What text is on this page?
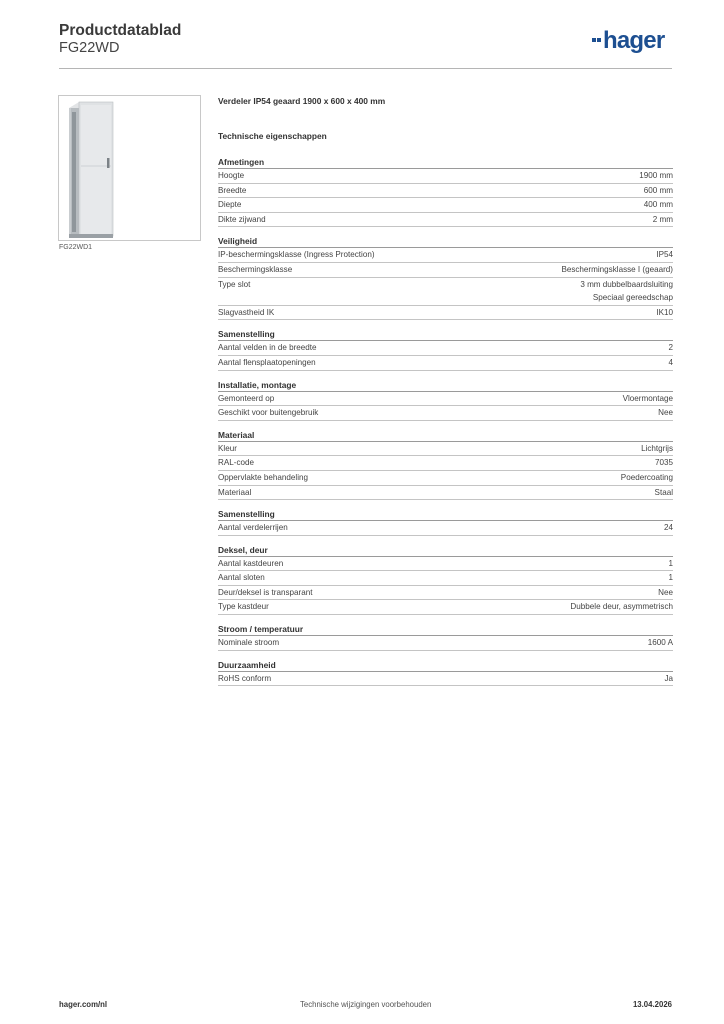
Productdatablad
FG22WD	hager
FG22WD1
Verdeler IP54 geaard 1900 x 600 x 400 mm
Technische eigenschappen
Afmetingen
Hoogte	1900 mm
Breedte	600 mm
Diepte	400 mm
Dikte zijwand	2 mm
Veiligheid
IP-beschermingsklasse (Ingress Protection)	IP54
Beschermingsklasse	Beschermingsklasse I (geaard)
Type slot	3 mm dubbelbaardsluiting
Speciaal gereedschap
Slagvastheid IK	IK10
Samenstelling
Aantal velden in de breedte	2
Aantal flensplaatopeningen	4
Installatie, montage
Gemonteerd op	Vloermontage
Geschikt voor buitengebruik	Nee
Materiaal
Kleur	Lichtgrijs
RAL-code	7035
Oppervlakte behandeling	Poedercoating
Materiaal	Staal
Samenstelling
Aantal verdelerrijen	24
Deksel, deur
Aantal kastdeuren	1
Aantal sloten	1
Deur/deksel is transparant	Nee
Type kastdeur	Dubbele deur, asymmetrisch
Stroom / temperatuur
Nominale stroom	1600 A
Duurzaamheid
RoHS conform	Ja
hager.com/nl	Technische wijzigingen voorbehouden	13.04.2026
